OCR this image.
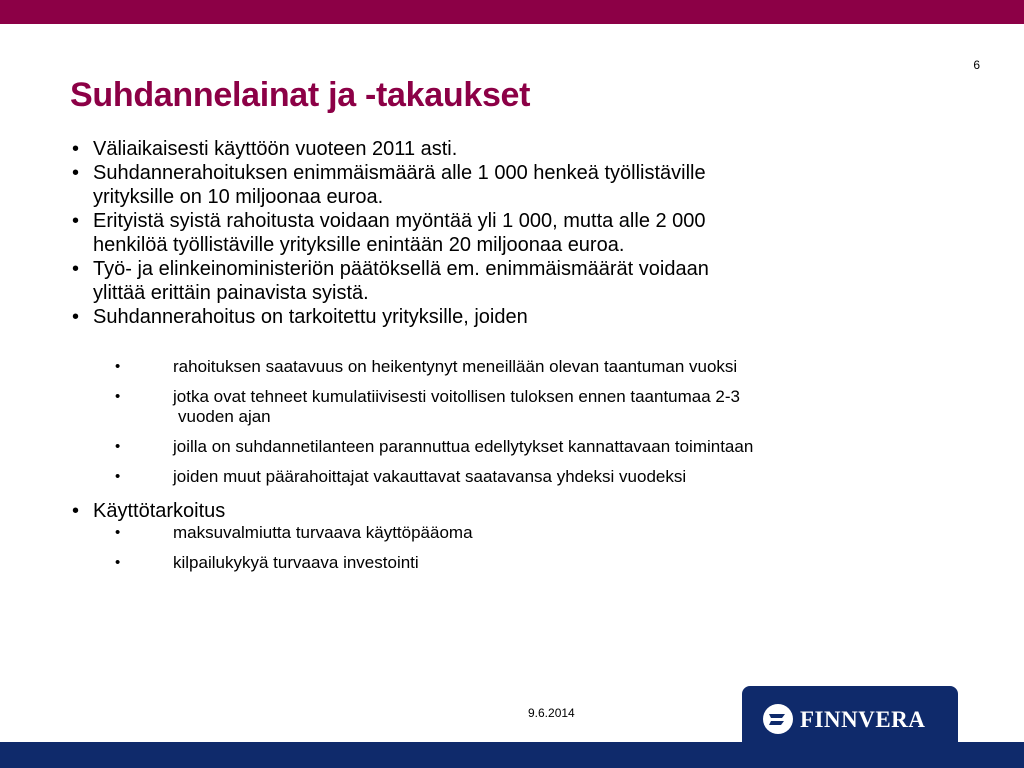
6
Suhdannelainat ja -takaukset
• Väliaikaisesti käyttöön vuoteen 2011 asti.
• Suhdannerahoituksen enimmäismäärä alle 1 000 henkeä työllistäville
yrityksille on 10 miljoonaa euroa.
• Erityistä syistä rahoitusta voidaan myöntää yli 1 000, mutta alle 2 000
henkilöä työllistäville yrityksille enintään 20 miljoonaa euroa.
• Työ- ja elinkeinoministeriön päätöksellä em. enimmäismäärät voidaan
ylittää erittäin painavista syistä.
• Suhdannerahoitus on tarkoitettu yrityksille, joiden
• rahoituksen saatavuus on heikentynyt meneillään olevan taantuman vuoksi
• jotka ovat tehneet kumulatiivisesti voitollisen tuloksen ennen taantumaa 2-3
vuoden ajan
• joilla on suhdannetilanteen parannuttua edellytykset kannattavaan toimintaan
• joiden muut päärahoittajat vakauttavat saatavansa yhdeksi vuodeksi
• Käyttötarkoitus
• maksuvalmiutta turvaava käyttöpääoma
• kilpailukykyä turvaava investointi
9.6.2014	FINNVERA
